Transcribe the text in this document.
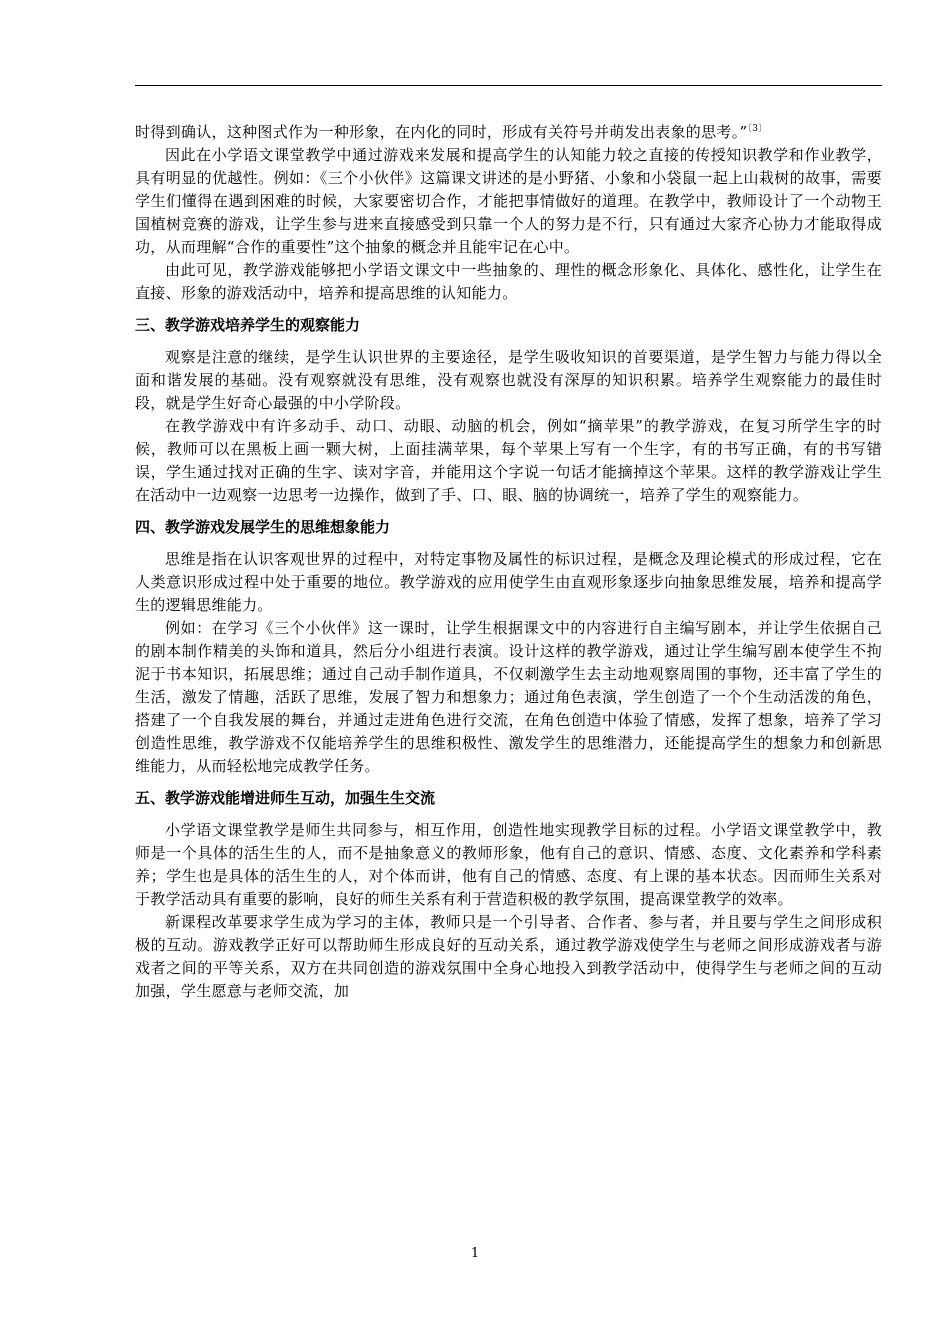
时得到确认，这种图式作为一种形象，在内化的同时，形成有关符号并萌发出表象的思考。”$^{〔3〕}$

因此在小学语文课堂教学中通过游戏来发展和提高学生的认知能力较之直接的传授知识教学和作业教学，具有明显的优越性。例如：《三个小伙伴》这篇课文讲述的是小野猪、小象和小袋鼠一起上山栽树的故事，需要学生们懂得在遇到困难的时候，大家要密切合作，才能把事情做好的道理。在教学中，教师设计了一个动物王国植树竞赛的游戏，让学生参与进来直接感受到只靠一个人的努力是不行，只有通过大家齐心协力才能取得成功，从而理解“合作的重要性”这个抽象的概念并且能牢记在心中。

由此可见，教学游戏能够把小学语文课文中一些抽象的、理性的概念形象化、具体化、感性化，让学生在直接、形象的游戏活动中，培养和提高思维的认知能力。

三、教学游戏培养学生的观察能力

观察是注意的继续，是学生认识世界的主要途径，是学生吸收知识的首要渠道，是学生智力与能力得以全面和谐发展的基础。没有观察就没有思维，没有观察也就没有深厚的知识积累。培养学生观察能力的最佳时段，就是学生好奇心最强的中小学阶段。

在教学游戏中有许多动手、动口、动眼、动脑的机会，例如“摘苹果”的教学游戏，在复习所学生字的时候，教师可以在黑板上画一颗大树，上面挂满苹果，每个苹果上写有一个生字，有的书写正确，有的书写错误，学生通过找对正确的生字、读对字音，并能用这个字说一句话才能摘掉这个苹果。这样的教学游戏让学生在活动中一边观察一边思考一边操作，做到了手、口、眼、脑的协调统一，培养了学生的观察能力。

四、教学游戏发展学生的思维想象能力

思维是指在认识客观世界的过程中，对特定事物及属性的标识过程，是概念及理论模式的形成过程，它在人类意识形成过程中处于重要的地位。教学游戏的应用使学生由直观形象逐步向抽象思维发展，培养和提高学生的逻辑思维能力。

例如：在学习《三个小伙伴》这一课时，让学生根据课文中的内容进行自主编写剧本，并让学生依据自己的剧本制作精美的头饰和道具，然后分小组进行表演。设计这样的教学游戏，通过让学生编写剧本使学生不拘泥于书本知识，拓展思维；通过自己动手制作道具，不仅刺激学生去主动地观察周围的事物，还丰富了学生的生活，激发了情趣，活跃了思维，发展了智力和想象力；通过角色表演，学生创造了一个个生动活泼的角色，搭建了一个自我发展的舞台，并通过走进角色进行交流，在角色创造中体验了情感，发挥了想象，培养了学习创造性思维，教学游戏不仅能培养学生的思维积极性、激发学生的思维潜力，还能提高学生的想象力和创新思维能力，从而轻松地完成教学任务。

五、教学游戏能增进师生互动，加强生生交流

小学语文课堂教学是师生共同参与，相互作用，创造性地实现教学目标的过程。小学语文课堂教学中，教师是一个具体的活生生的人，而不是抽象意义的教师形象，他有自己的意识、情感、态度、文化素养和学科素养；学生也是具体的活生生的人，对个体而讲，他有自己的情感、态度、有上课的基本状态。因而师生关系对于教学活动具有重要的影响，良好的师生关系有利于营造积极的教学氛围，提高课堂教学的效率。

新课程改革要求学生成为学习的主体，教师只是一个引导者、合作者、参与者，并且要与学生之间形成积极的互动。游戏教学正好可以帮助师生形成良好的互动关系，通过教学游戏使学生与老师之间形成游戏者与游戏者之间的平等关系，双方在共同创造的游戏氛围中全身心地投入到教学活动中，使得学生与老师之间的互动加强，学生愿意与老师交流，加

1
